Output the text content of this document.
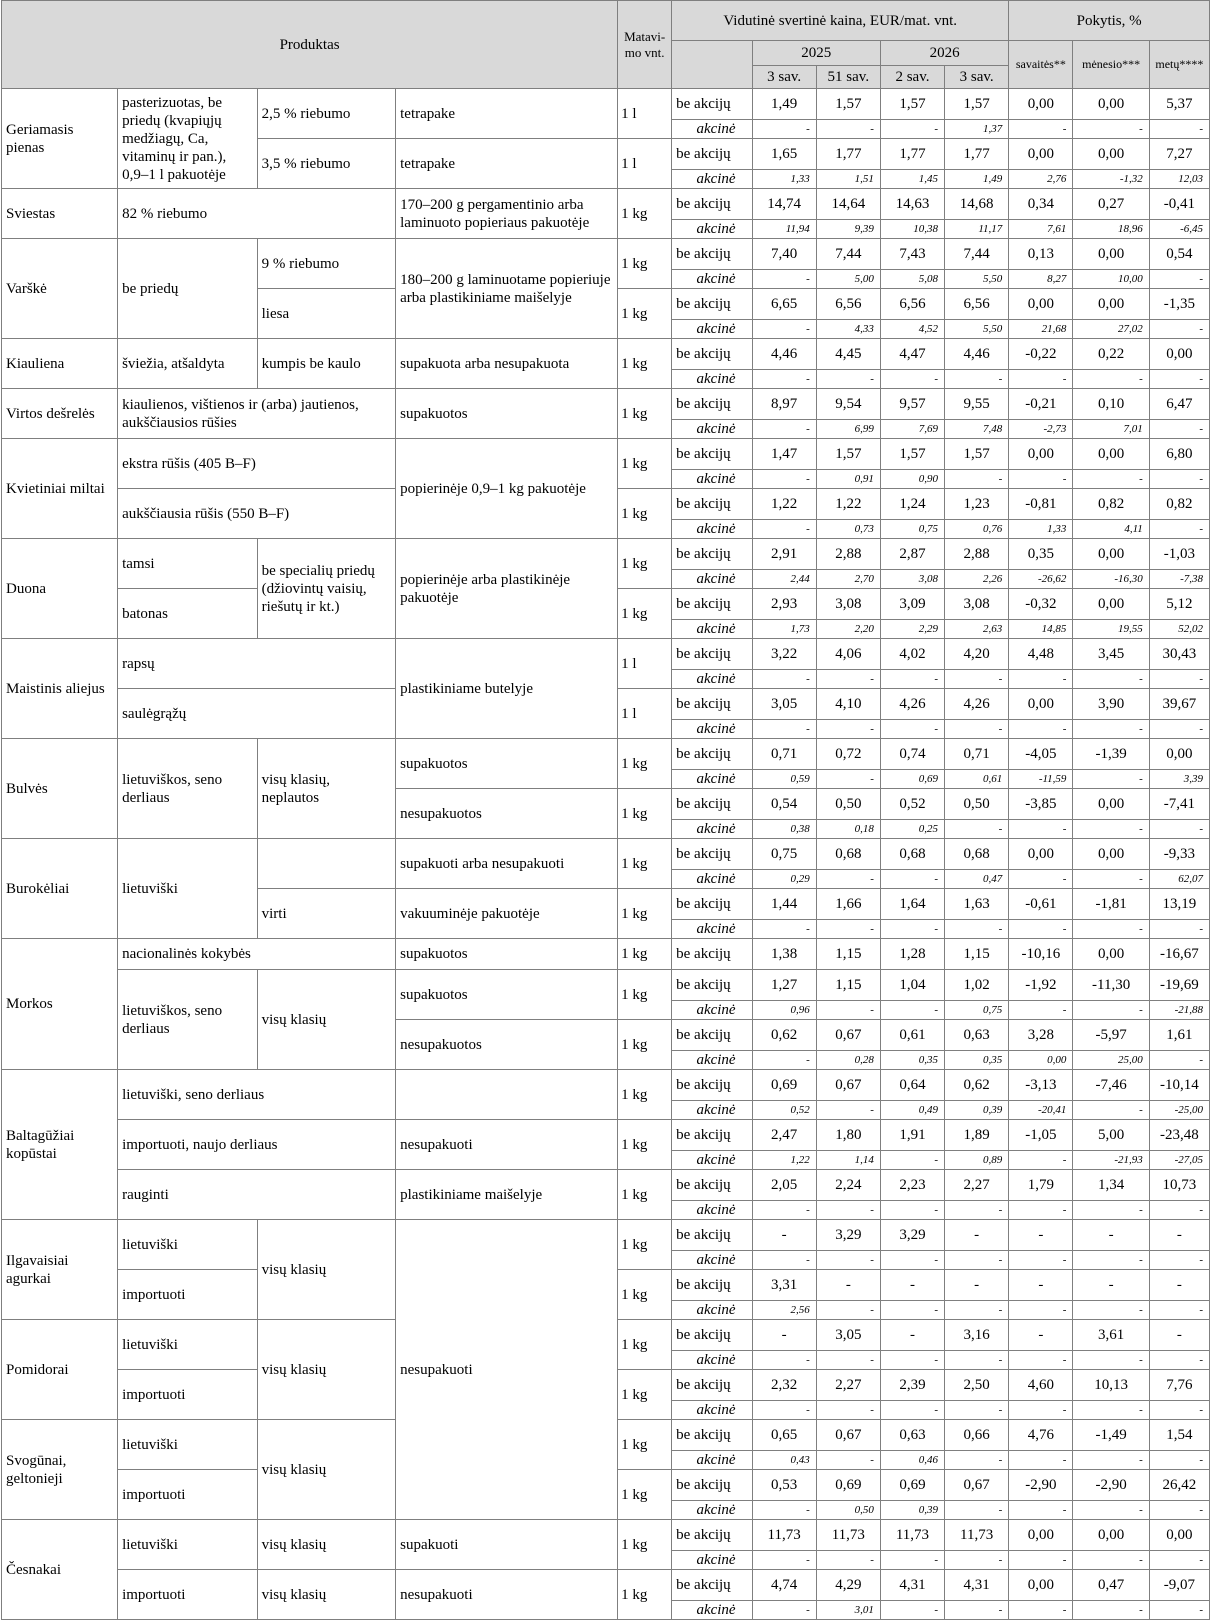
Produktas				Matavi-mo vnt.	Vidutinė svertinė kaina, EUR/mat. vnt.					Pokytis, %		
						2025		2026		savaitės**	mėnesio***	metų****
						3 sav.	51 sav.	2 sav.	3 sav.			
Geriamasis pienas	pasterizuotas, be priedų (kvapiųjų medžiagų, Ca, vitaminų ir pan.), 0,9–1 l pakuotėje	2,5 % riebumo	tetrapake	1 l	be akcijų	1,49	1,57	1,57	1,57	0,00	0,00	5,37
					akcinė	-	-	-	1,37	-	-	-
		3,5 % riebumo	tetrapake	1 l	be akcijų	1,65	1,77	1,77	1,77	0,00	0,00	7,27
					akcinė	1,33	1,51	1,45	1,49	2,76	-1,32	12,03
Sviestas	82 % riebumo		170–200 g pergamentinio arba laminuoto popieriaus pakuotėje	1 kg	be akcijų	14,74	14,64	14,63	14,68	0,34	0,27	-0,41
					akcinė	11,94	9,39	10,38	11,17	7,61	18,96	-6,45
Varškė	be priedų	9 % riebumo	180–200 g laminuotame popieriuje arba plastikiniame maišelyje	1 kg	be akcijų	7,40	7,44	7,43	7,44	0,13	0,00	0,54
					akcinė	-	5,00	5,08	5,50	8,27	10,00	-
		liesa		1 kg	be akcijų	6,65	6,56	6,56	6,56	0,00	0,00	-1,35
					akcinė	-	4,33	4,52	5,50	21,68	27,02	-
Kiauliena	šviežia, atšaldyta	kumpis be kaulo	supakuota arba nesupakuota	1 kg	be akcijų	4,46	4,45	4,47	4,46	-0,22	0,22	0,00
					akcinė	-	-	-	-	-	-	-
Virtos dešrelės	kiaulienos, vištienos ir (arba) jautienos, aukščiausios rūšies		supakuotos	1 kg	be akcijų	8,97	9,54	9,57	9,55	-0,21	0,10	6,47
					akcinė	-	6,99	7,69	7,48	-2,73	7,01	-
Kvietiniai miltai	ekstra rūšis (405 B–F)		popierinėje 0,9–1 kg pakuotėje	1 kg	be akcijų	1,47	1,57	1,57	1,57	0,00	0,00	6,80
					akcinė	-	0,91	0,90	-	-	-	-
	aukščiausia rūšis (550 B–F)			1 kg	be akcijų	1,22	1,22	1,24	1,23	-0,81	0,82	0,82
					akcinė	-	0,73	0,75	0,76	1,33	4,11	-
Duona	tamsi	be specialių priedų (džiovintų vaisių, riešutų ir kt.)	popierinėje arba plastikinėje pakuotėje	1 kg	be akcijų	2,91	2,88	2,87	2,88	0,35	0,00	-1,03
					akcinė	2,44	2,70	3,08	2,26	-26,62	-16,30	-7,38
	batonas			1 kg	be akcijų	2,93	3,08	3,09	3,08	-0,32	0,00	5,12
					akcinė	1,73	2,20	2,29	2,63	14,85	19,55	52,02
Maistinis aliejus	rapsų		plastikiniame butelyje	1 l	be akcijų	3,22	4,06	4,02	4,20	4,48	3,45	30,43
					akcinė	-	-	-	-	-	-	-
	saulėgrąžų			1 l	be akcijų	3,05	4,10	4,26	4,26	0,00	3,90	39,67
					akcinė	-	-	-	-	-	-	-
Bulvės	lietuviškos, seno derliaus	visų klasių, neplautos	supakuotos	1 kg	be akcijų	0,71	0,72	0,74	0,71	-4,05	-1,39	0,00
					akcinė	0,59	-	0,69	0,61	-11,59	-	3,39
			nesupakuotos	1 kg	be akcijų	0,54	0,50	0,52	0,50	-3,85	0,00	-7,41
					akcinė	0,38	0,18	0,25	-	-	-	-
Burokėliai	lietuviški		supakuoti arba nesupakuoti	1 kg	be akcijų	0,75	0,68	0,68	0,68	0,00	0,00	-9,33
					akcinė	0,29	-	-	0,47	-	-	62,07
		virti	vakuuminėje pakuotėje	1 kg	be akcijų	1,44	1,66	1,64	1,63	-0,61	-1,81	13,19
					akcinė	-	-	-	-	-	-	-
Morkos	nacionalinės kokybės		supakuotos	1 kg	be akcijų	1,38	1,15	1,28	1,15	-10,16	0,00	-16,67
	lietuviškos, seno derliaus	visų klasių	supakuotos	1 kg	be akcijų	1,27	1,15	1,04	1,02	-1,92	-11,30	-19,69
					akcinė	0,96	-	-	0,75	-	-	-21,88
			nesupakuotos	1 kg	be akcijų	0,62	0,67	0,61	0,63	3,28	-5,97	1,61
					akcinė	-	0,28	0,35	0,35	0,00	25,00	-
Baltagūžiai kopūstai	lietuviški, seno derliaus			1 kg	be akcijų	0,69	0,67	0,64	0,62	-3,13	-7,46	-10,14
					akcinė	0,52	-	0,49	0,39	-20,41	-	-25,00
	importuoti, naujo derliaus		nesupakuoti	1 kg	be akcijų	2,47	1,80	1,91	1,89	-1,05	5,00	-23,48
					akcinė	1,22	1,14	-	0,89	-	-21,93	-27,05
	rauginti		plastikiniame maišelyje	1 kg	be akcijų	2,05	2,24	2,23	2,27	1,79	1,34	10,73
					akcinė	-	-	-	-	-	-	-
Ilgavaisiai agurkai	lietuviški	visų klasių	nesupakuoti	1 kg	be akcijų	-	3,29	3,29	-	-	-	-
					akcinė	-	-	-	-	-	-	-
	importuoti			1 kg	be akcijų	3,31	-	-	-	-	-	-
					akcinė	2,56	-	-	-	-	-	-
Pomidorai	lietuviški	visų klasių		1 kg	be akcijų	-	3,05	-	3,16	-	3,61	-
					akcinė	-	-	-	-	-	-	-
	importuoti			1 kg	be akcijų	2,32	2,27	2,39	2,50	4,60	10,13	7,76
					akcinė	-	-	-	-	-	-	-
Svogūnai, geltonieji	lietuviški	visų klasių		1 kg	be akcijų	0,65	0,67	0,63	0,66	4,76	-1,49	1,54
					akcinė	0,43	-	0,46	-	-	-	-
	importuoti			1 kg	be akcijų	0,53	0,69	0,69	0,67	-2,90	-2,90	26,42
					akcinė	-	0,50	0,39	-	-	-	-
Česnakai	lietuviški	visų klasių	supakuoti	1 kg	be akcijų	11,73	11,73	11,73	11,73	0,00	0,00	0,00
					akcinė	-	-	-	-	-	-	-
	importuoti	visų klasių	nesupakuoti	1 kg	be akcijų	4,74	4,29	4,31	4,31	0,00	0,47	-9,07
					akcinė	-	3,01	-	-	-	-	-
